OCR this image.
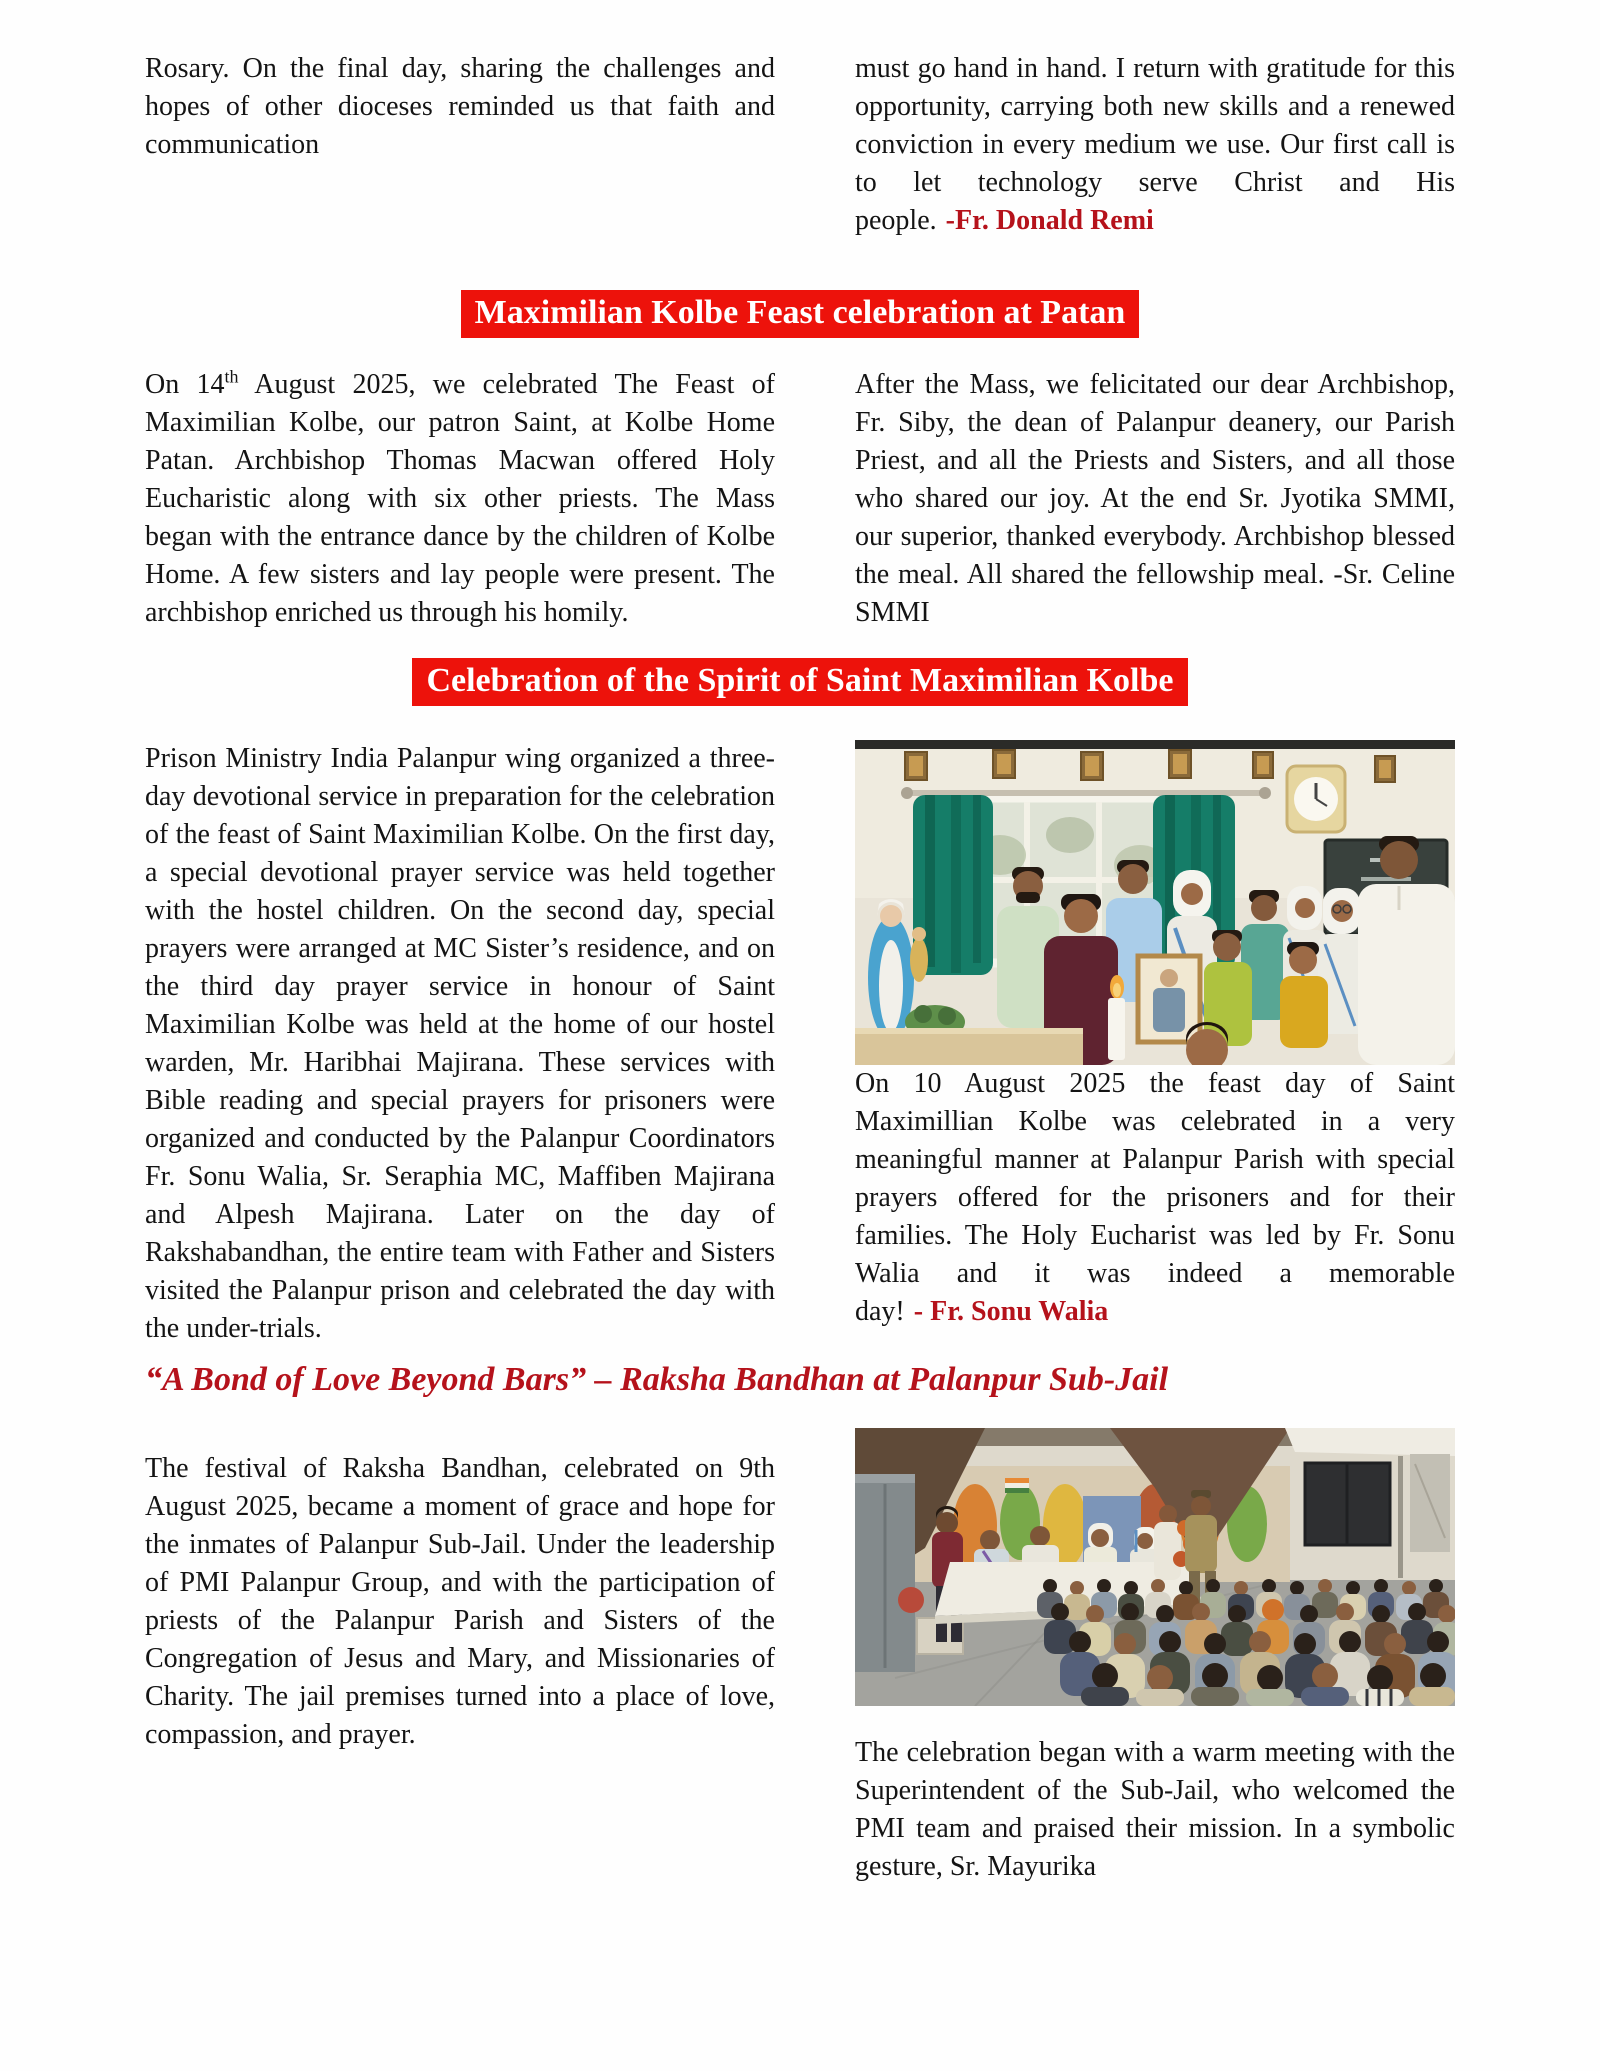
Rosary. On the final day, sharing the challenges and hopes of other dioceses reminded us that faith and communication

must go hand in hand. I return with gratitude for this opportunity, carrying both new skills and a renewed conviction in every medium we use. Our first call is to let technology serve Christ and His people. -Fr. Donald Remi

Maximilian Kolbe Feast celebration at Patan

On 14th August 2025, we celebrated The Feast of Maximilian Kolbe, our patron Saint, at Kolbe Home Patan. Archbishop Thomas Macwan offered Holy Eucharistic along with six other priests. The Mass began with the entrance dance by the children of Kolbe Home. A few sisters and lay people were present. The archbishop enriched us through his homily.

After the Mass, we felicitated our dear Archbishop, Fr. Siby, the dean of Palanpur deanery, our Parish Priest, and all the Priests and Sisters, and all those who shared our joy. At the end Sr. Jyotika SMMI, our superior, thanked everybody. Archbishop blessed the meal. All shared the fellowship meal. -Sr. Celine SMMI

Celebration of the Spirit of Saint Maximilian Kolbe

Prison Ministry India Palanpur wing organized a three-day devotional service in preparation for the celebration of the feast of Saint Maximilian Kolbe. On the first day, a special devotional prayer service was held together with the hostel children. On the second day, special prayers were arranged at MC Sister’s residence, and on the third day prayer service in honour of Saint Maximilian Kolbe was held at the home of our hostel warden, Mr. Haribhai Majirana. These services with Bible reading and special prayers for prisoners were organized and conducted by the Palanpur Coordinators Fr. Sonu Walia, Sr. Seraphia MC, Maffiben Majirana and Alpesh Majirana. Later on the day of Rakshabandhan, the entire team with Father and Sisters visited the Palanpur prison and celebrated the day with the under-trials.

On 10 August 2025 the feast day of Saint Maximillian Kolbe was celebrated in a very meaningful manner at Palanpur Parish with special prayers offered for the prisoners and for their families. The Holy Eucharist was led by Fr. Sonu Walia and it was indeed a memorable day! - Fr. Sonu Walia

“A Bond of Love Beyond Bars” – Raksha Bandhan at Palanpur Sub-Jail

The festival of Raksha Bandhan, celebrated on 9th August 2025, became a moment of grace and hope for the inmates of Palanpur Sub-Jail. Under the leadership of PMI Palanpur Group, and with the participation of priests of the Palanpur Parish and Sisters of the Congregation of Jesus and Mary, and Missionaries of Charity. The jail premises turned into a place of love, compassion, and prayer.

The celebration began with a warm meeting with the Superintendent of the Sub-Jail, who welcomed the PMI team and praised their mission. In a symbolic gesture, Sr. Mayurika
